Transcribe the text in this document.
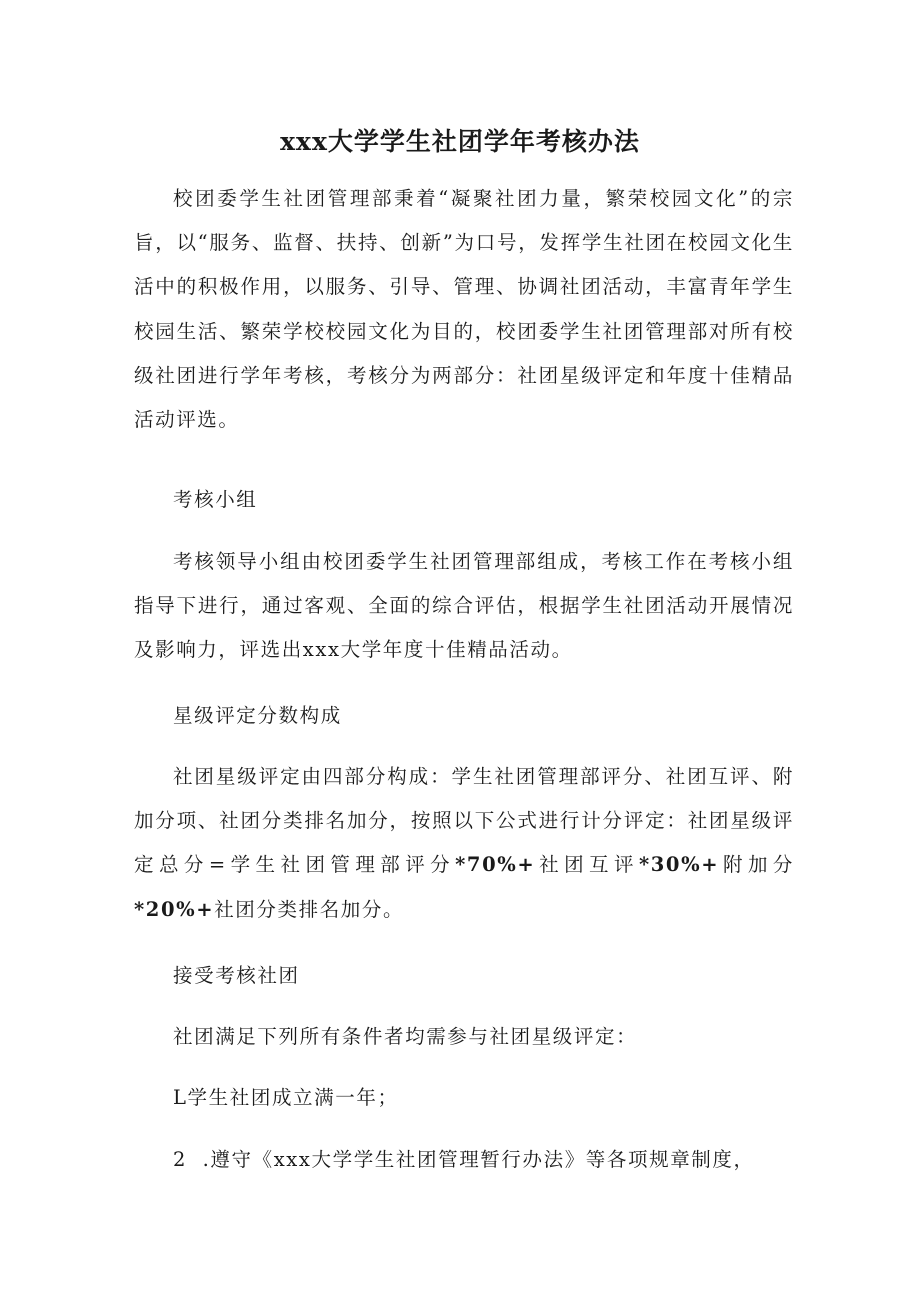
xxx大学学生社团学年考核办法

校团委学生社团管理部秉着“凝聚社团力量，繁荣校园文化”的宗旨，以“服务、监督、扶持、创新”为口号，发挥学生社团在校园文化生活中的积极作用，以服务、引导、管理、协调社团活动，丰富青年学生校园生活、繁荣学校校园文化为目的，校团委学生社团管理部对所有校级社团进行学年考核，考核分为两部分：社团星级评定和年度十佳精品活动评选。

考核小组

考核领导小组由校团委学生社团管理部组成，考核工作在考核小组指导下进行，通过客观、全面的综合评估，根据学生社团活动开展情况及影响力，评选出xxx大学年度十佳精品活动。

星级评定分数构成

社团星级评定由四部分构成：学生社团管理部评分、社团互评、附加分项、社团分类排名加分，按照以下公式进行计分评定：社团星级评定总分=学生社团管理部评分*70%+社团互评*30%+附加分*20%+社团分类排名加分。

接受考核社团

社团满足下列所有条件者均需参与社团星级评定：

L学生社团成立满一年；

2  .遵守《xxx大学学生社团管理暂行办法》等各项规章制度，
